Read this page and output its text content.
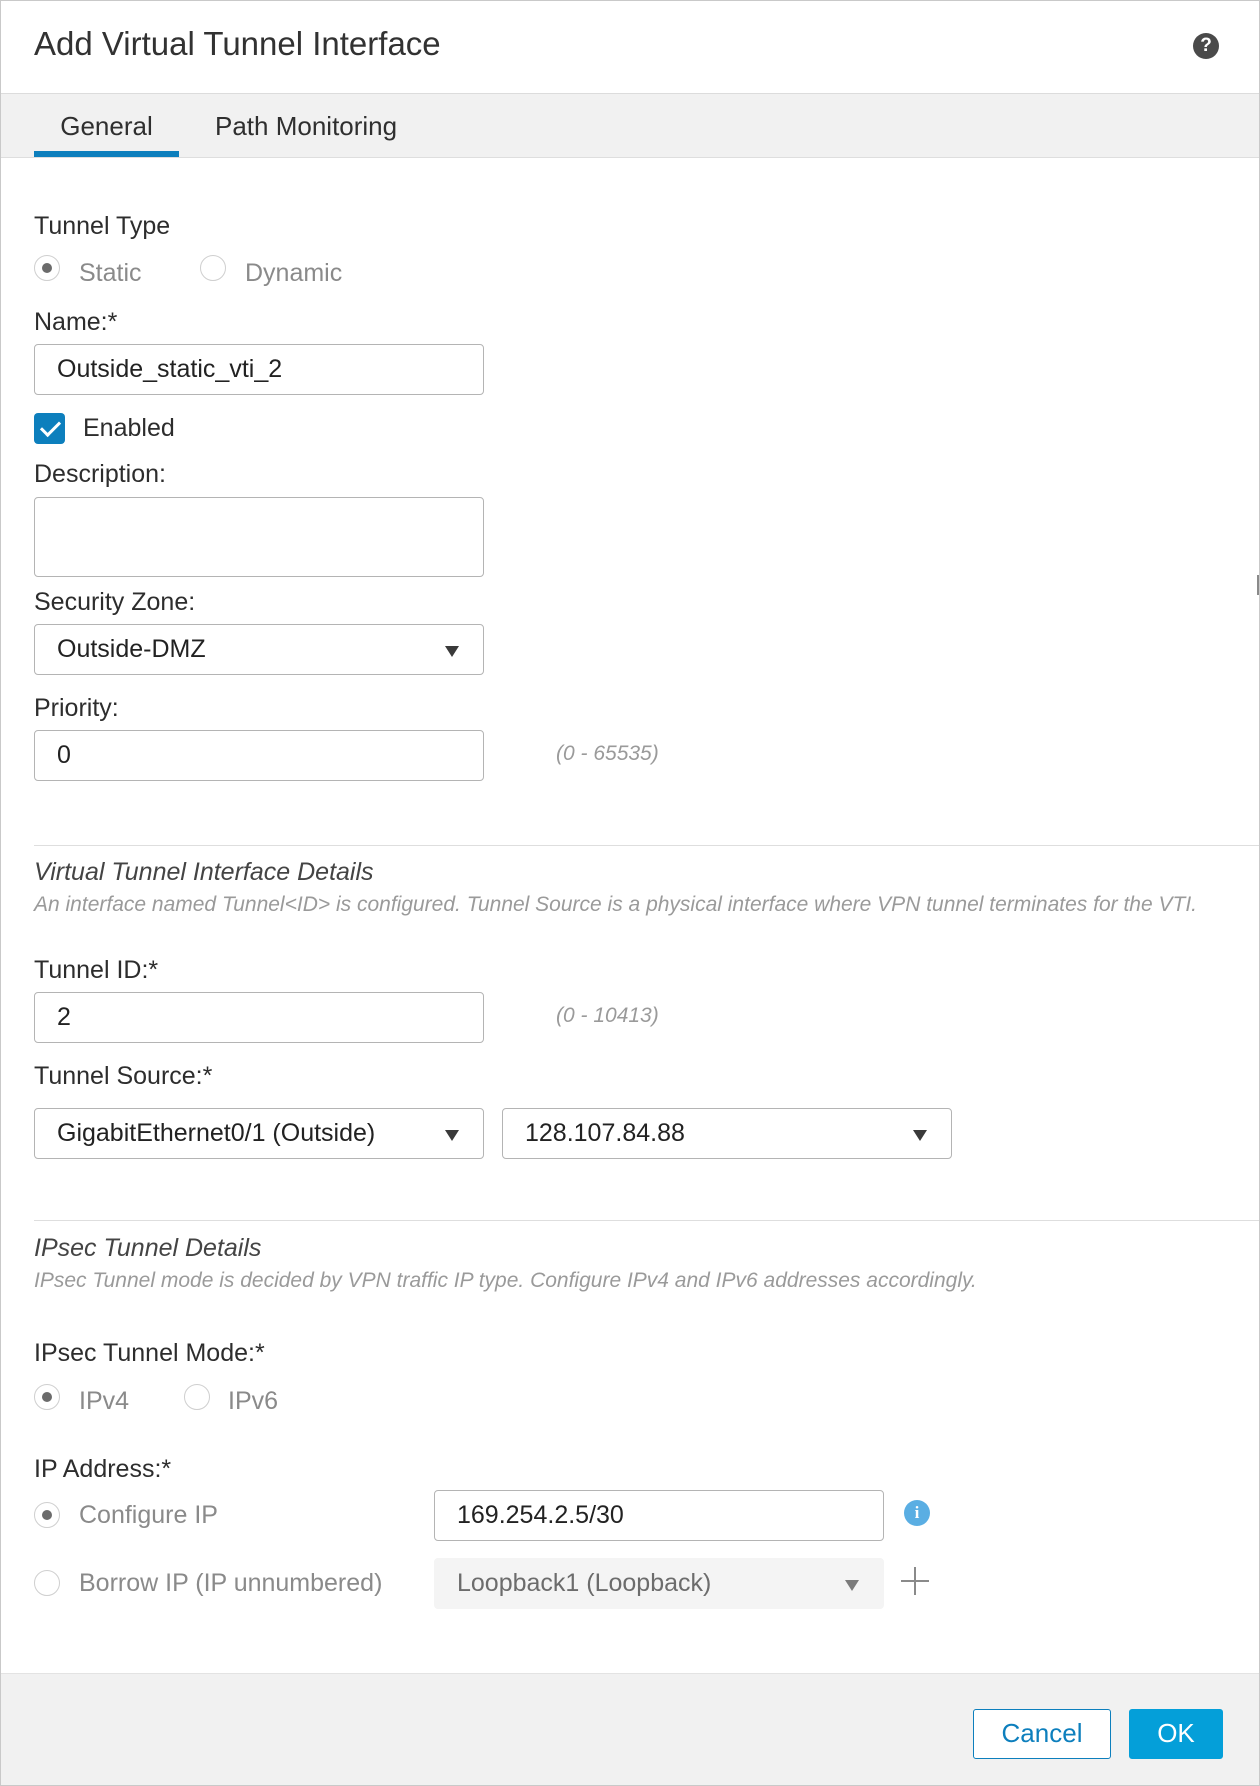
Add Virtual Tunnel Interface	?
General	Path Monitoring
Tunnel Type
Static	Dynamic
Name:*
Outside_static_vti_2
Enabled
Description:
Security Zone:
Outside-DMZ
Priority:
0	(0 - 65535)
Virtual Tunnel Interface Details
An interface named Tunnel<ID> is configured. Tunnel Source is a physical interface where VPN tunnel terminates for the VTI.
Tunnel ID:*
2	(0 - 10413)
Tunnel Source:*
GigabitEthernet0/1 (Outside)	128.107.84.88
IPsec Tunnel Details
IPsec Tunnel mode is decided by VPN traffic IP type. Configure IPv4 and IPv6 addresses accordingly.
IPsec Tunnel Mode:*
IPv4	IPv6
IP Address:*
Configure IP	169.254.2.5/30	i
Borrow IP (IP unnumbered)	Loopback1 (Loopback)
Cancel	OK
